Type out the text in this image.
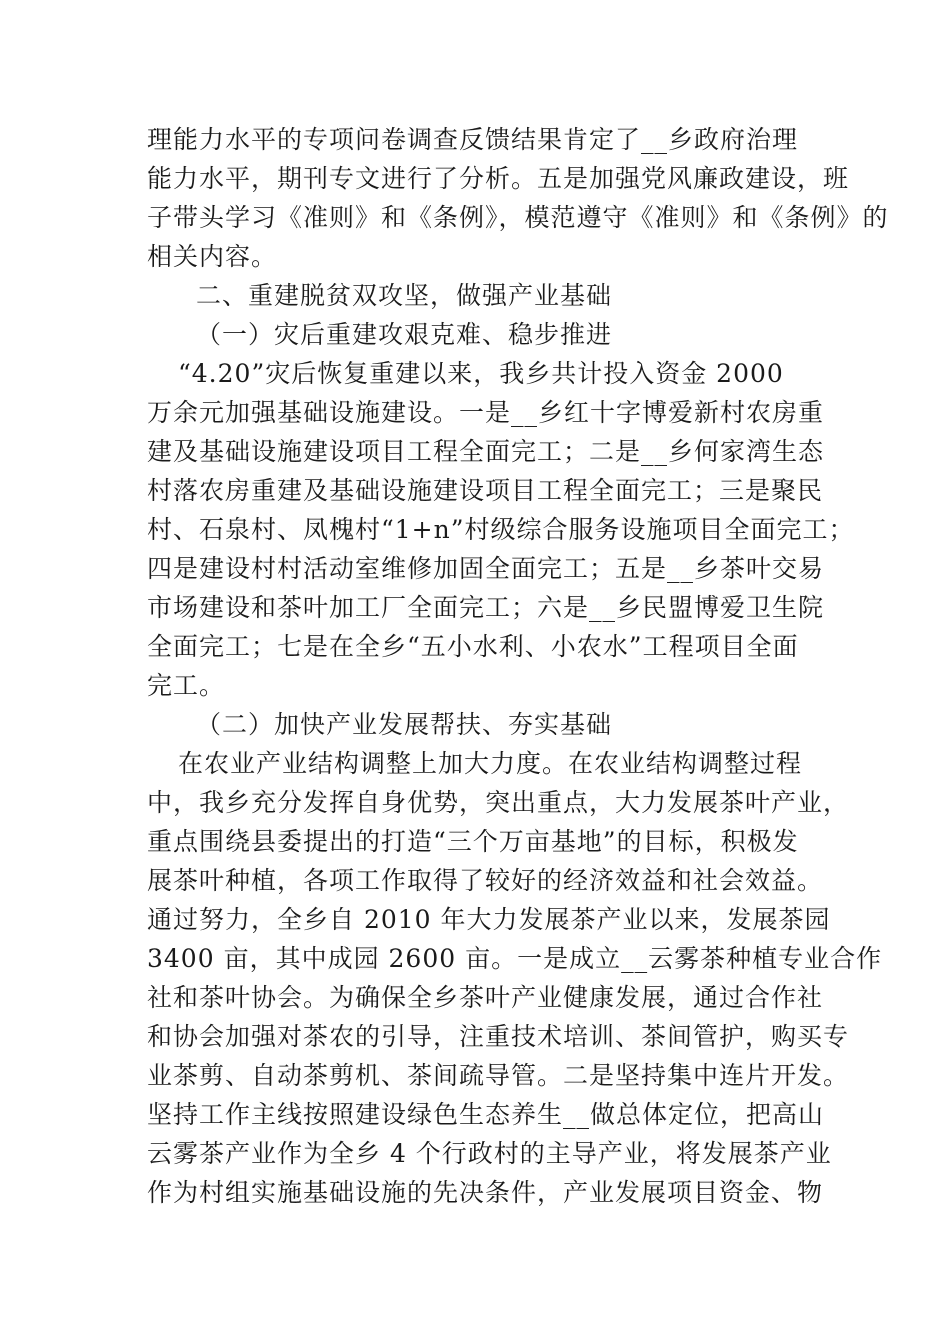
理能力水平的专项问卷调查反馈结果肯定了__乡政府治理
能力水平，期刊专文进行了分析。五是加强党风廉政建设，班
子带头学习《准则》和《条例》，模范遵守《准则》和《条例》的
相关内容。
二、重建脱贫双攻坚，做强产业基础
（一）灾后重建攻艰克难、稳步推进
“4.20”灾后恢复重建以来，我乡共计投入资金 2000
万余元加强基础设施建设。一是__乡红十字博爱新村农房重
建及基础设施建设项目工程全面完工；二是__乡何家湾生态
村落农房重建及基础设施建设项目工程全面完工；三是聚民
村、石泉村、凤槐村“1+n”村级综合服务设施项目全面完工；
四是建设村村活动室维修加固全面完工；五是__乡茶叶交易
市场建设和茶叶加工厂全面完工；六是__乡民盟博爱卫生院
全面完工；七是在全乡“五小水利、小农水”工程项目全面
完工。
（二）加快产业发展帮扶、夯实基础
在农业产业结构调整上加大力度。在农业结构调整过程
中，我乡充分发挥自身优势，突出重点，大力发展茶叶产业，
重点围绕县委提出的打造“三个万亩基地”的目标，积极发
展茶叶种植，各项工作取得了较好的经济效益和社会效益。
通过努力，全乡自 2010 年大力发展茶产业以来，发展茶园
3400 亩，其中成园 2600 亩。一是成立__云雾茶种植专业合作
社和茶叶协会。为确保全乡茶叶产业健康发展，通过合作社
和协会加强对茶农的引导，注重技术培训、茶间管护，购买专
业茶剪、自动茶剪机、茶间疏导管。二是坚持集中连片开发。
坚持工作主线按照建设绿色生态养生__做总体定位，把高山
云雾茶产业作为全乡 4 个行政村的主导产业，将发展茶产业
作为村组实施基础设施的先决条件，产业发展项目资金、物
